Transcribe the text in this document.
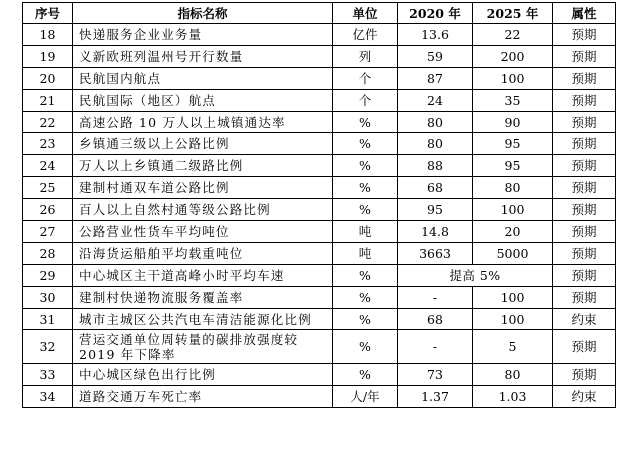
序号	指标名称	单位	2020 年	2025 年	属性
18	快递服务企业业务量	亿件	13.6	22	预期
19	义新欧班列温州号开行数量	列	59	200	预期
20	民航国内航点	个	87	100	预期
21	民航国际（地区）航点	个	24	35	预期
22	高速公路 10 万人以上城镇通达率	%	80	90	预期
23	乡镇通三级以上公路比例	%	80	95	预期
24	万人以上乡镇通二级路比例	%	88	95	预期
25	建制村通双车道公路比例	%	68	80	预期
26	百人以上自然村通等级公路比例	%	95	100	预期
27	公路营业性货车平均吨位	吨	14.8	20	预期
28	沿海货运船舶平均载重吨位	吨	3663	5000	预期
29	中心城区主干道高峰小时平均车速	%	提高 5%		预期
30	建制村快递物流服务覆盖率	%	-	100	预期
31	城市主城区公共汽电车清洁能源化比例	%	68	100	约束
32	营运交通单位周转量的碳排放强度较 2019 年下降率	%	-	5	预期
33	中心城区绿色出行比例	%	73	80	预期
34	道路交通万车死亡率	人/年	1.37	1.03	约束
